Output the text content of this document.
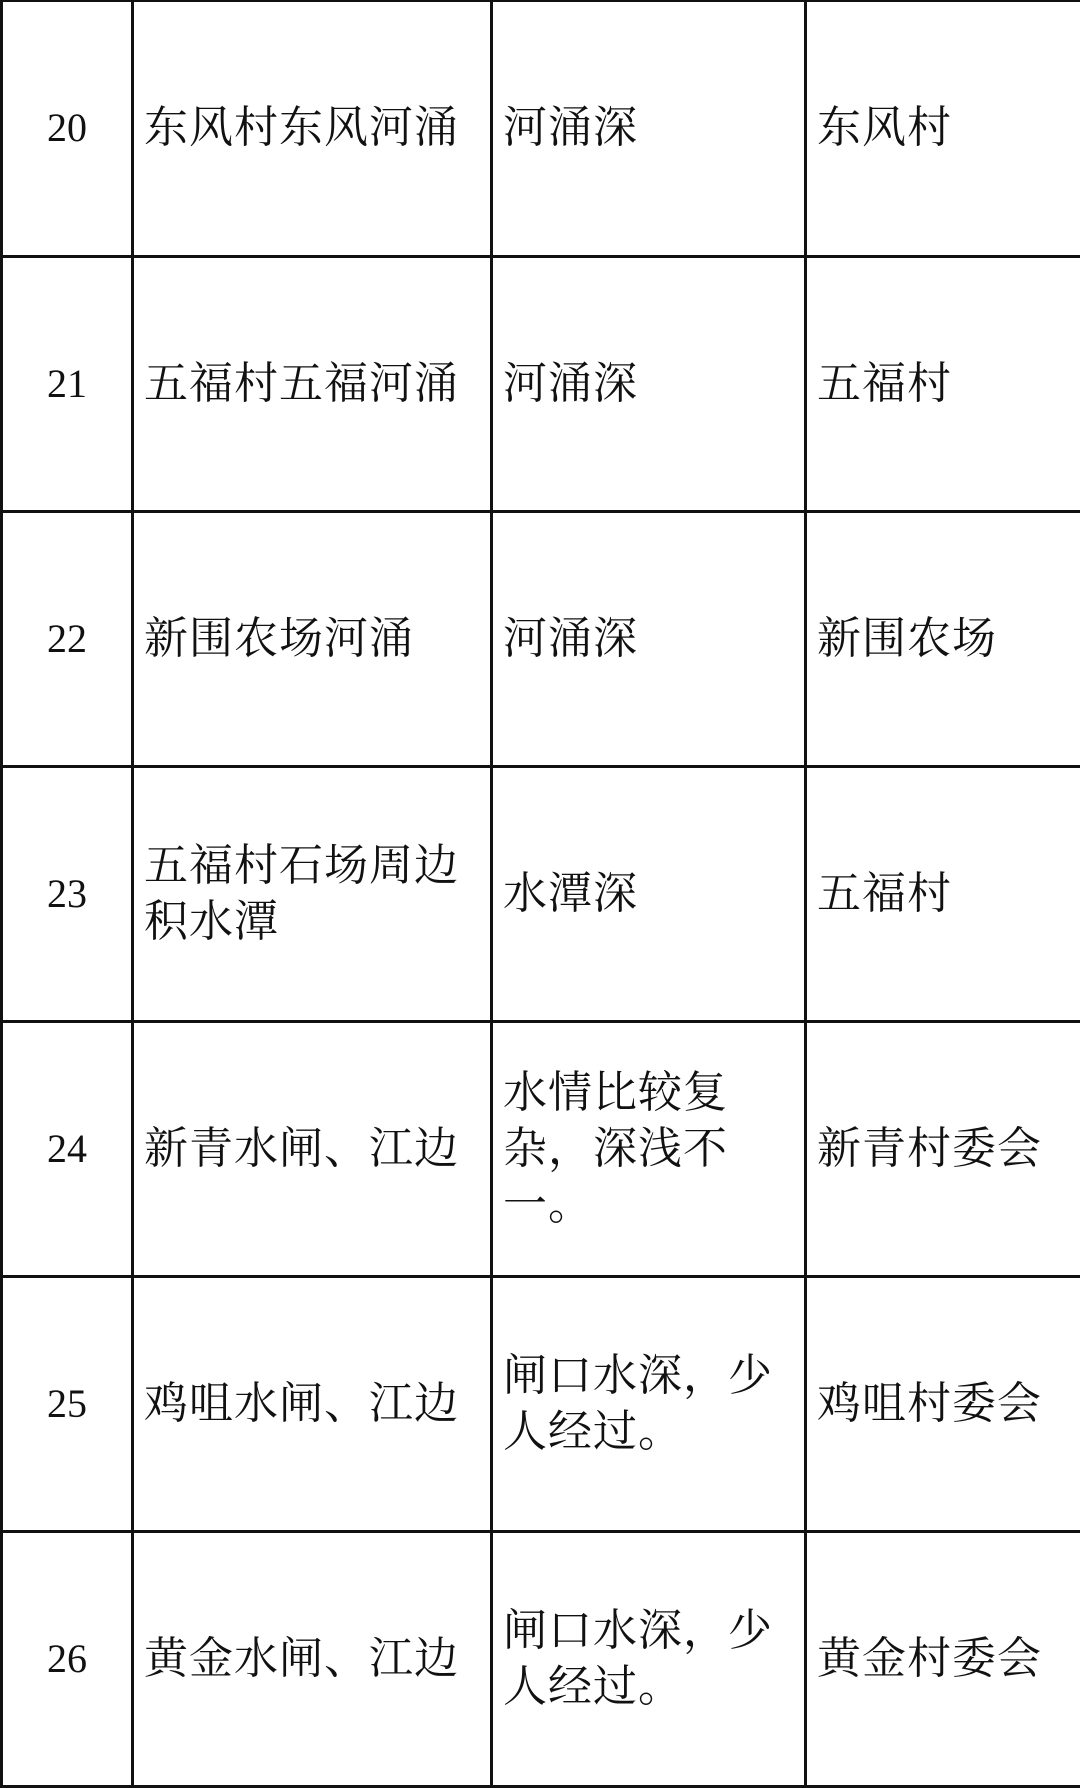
20	东风村东风河涌	河涌深	东风村
21	五福村五福河涌	河涌深	五福村
22	新围农场河涌	河涌深	新围农场
23	五福村石场周边积水潭	水潭深	五福村
24	新青水闸、江边	水情比较复杂，深浅不一。	新青村委会
25	鸡咀水闸、江边	闸口水深，少人经过。	鸡咀村委会
26	黄金水闸、江边	闸口水深，少人经过。	黄金村委会
